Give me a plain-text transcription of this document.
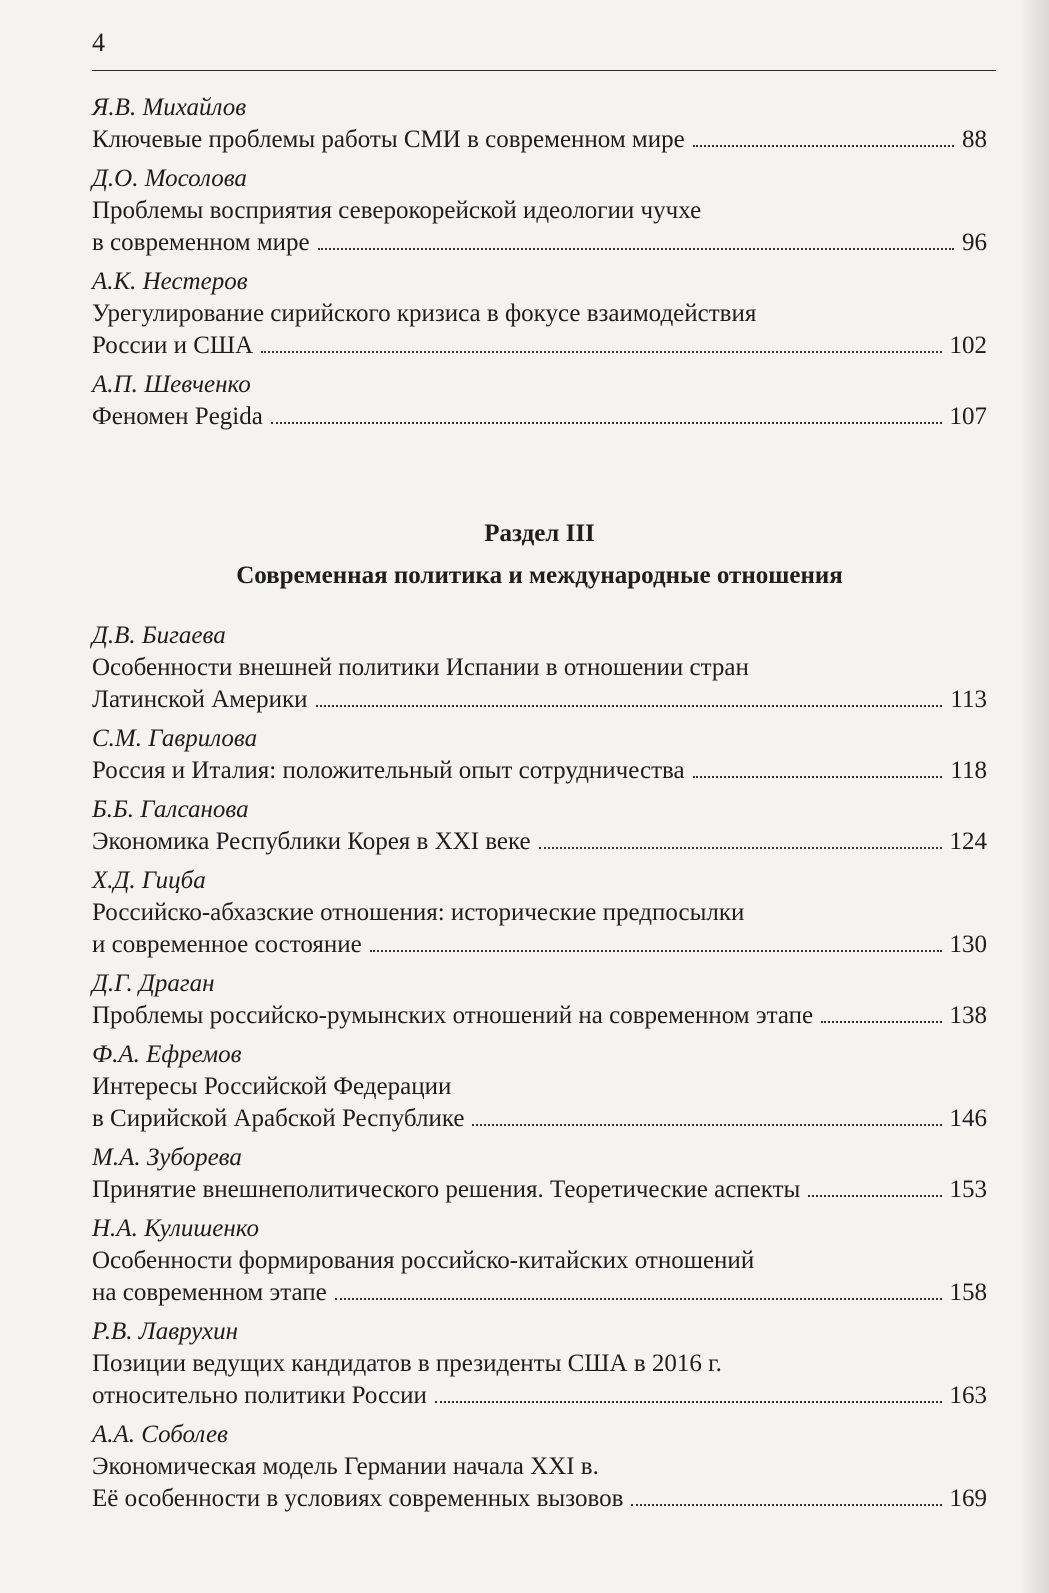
4
Я.В. Михайлов
Ключевые проблемы работы СМИ в современном мире	88
Д.О. Мосолова
Проблемы восприятия северокорейской идеологии чучхе
в современном мире	96
А.К. Нестеров
Урегулирование сирийского кризиса в фокусе взаимодействия
России и США	102
А.П. Шевченко
Феномен Pegida	107
Раздел III
Современная политика и международные отношения
Д.В. Бигаева
Особенности внешней политики Испании в отношении стран
Латинской Америки	113
С.М. Гаврилова
Россия и Италия: положительный опыт сотрудничества	118
Б.Б. Галсанова
Экономика Республики Корея в XXI веке	124
Х.Д. Гицба
Российско-абхазские отношения: исторические предпосылки
и современное состояние	130
Д.Г. Драган
Проблемы российско-румынских отношений на современном этапе	138
Ф.А. Ефремов
Интересы Российской Федерации
в Сирийской Арабской Республике	146
М.А. Зуборева
Принятие внешнеполитического решения. Теоретические аспекты	153
Н.А. Кулишенко
Особенности формирования российско-китайских отношений
на современном этапе	158
Р.В. Лаврухин
Позиции ведущих кандидатов в президенты США в 2016 г.
относительно политики России	163
А.А. Соболев
Экономическая модель Германии начала XXI в.
Её особенности в условиях современных вызовов	169
